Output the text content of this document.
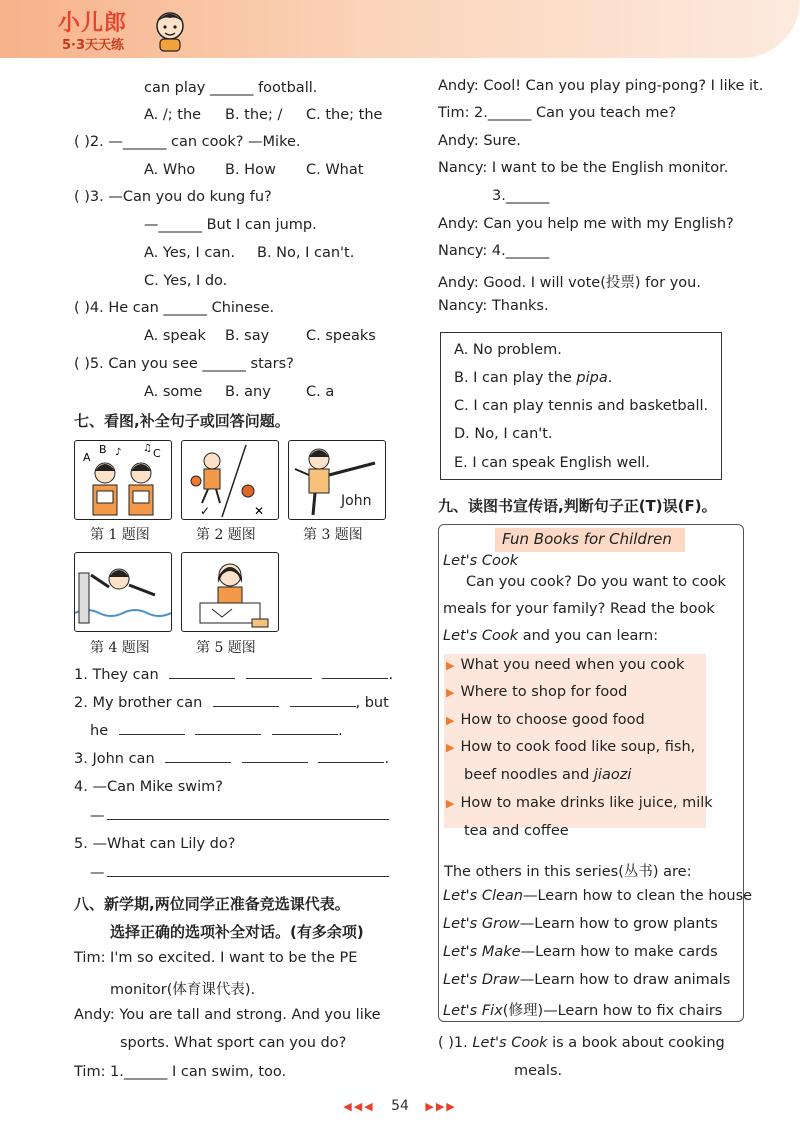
小儿郎
5·3天天练
can play ______ football.
A. /; the B. the; / C. the; the
( )2. —______ can cook? —Mike.
A. Who B. How C. What
( )3. —Can you do kung fu?
—______ But I can jump.
A. Yes, I can. B. No, I can't.
C. Yes, I do.
( )4. He can ______ Chinese.
A. speak B. say	C. speaks
( )5. Can you see ______ stars?
A. some B. any C. a
七、看图,补全句子或回答问题。
A
B	C
♪ ♫
✓	✕
John
第 1 题图	第 2 题图	第 3 题图
第 4 题图	第 5 题图
1. They can	.
2. My brother can	, but
he	.
3. John can	.
4. —Can Mike swim?
—
5. —What can Lily do?
—
八、新学期,两位同学正准备竞选课代表。
选择正确的选项补全对话。(有多余项)
Tim: I'm so excited. I want to be the PE
monitor(体育课代表).
Andy: You are tall and strong. And you like
sports. What sport can you do?
Tim: 1.______ I can swim, too.
Andy: Cool! Can you play ping-pong? I like it.
Tim: 2.______ Can you teach me?
Andy: Sure.
Nancy: I want to be the English monitor.
3.______
Andy: Can you help me with my English?
Nancy: 4.______
Andy: Good. I will vote(投票) for you.
Nancy: Thanks.
A. No problem.
B. I can play the pipa.
C. I can play tennis and basketball.
D. No, I can't.
E. I can speak English well.
九、读图书宣传语,判断句子正(T)误(F)。
Fun Books for Children
Let's Cook
Can you cook? Do you want to cook
meals for your family? Read the book
Let's Cook and you can learn:
▶ What you need when you cook
▶ Where to shop for food
▶ How to choose good food
▶ How to cook food like soup, fish,
beef noodles and jiaozi
▶ How to make drinks like juice, milk
tea and coffee
The others in this series(丛书) are:
Let's Clean—Learn how to clean the house
Let's Grow—Learn how to grow plants
Let's Make—Learn how to make cards
Let's Draw—Learn how to draw animals
Let's Fix(修理)—Learn how to fix chairs
( )1. Let's Cook is a book about cooking
meals.
◀◀◀ 54 ▶▶▶
